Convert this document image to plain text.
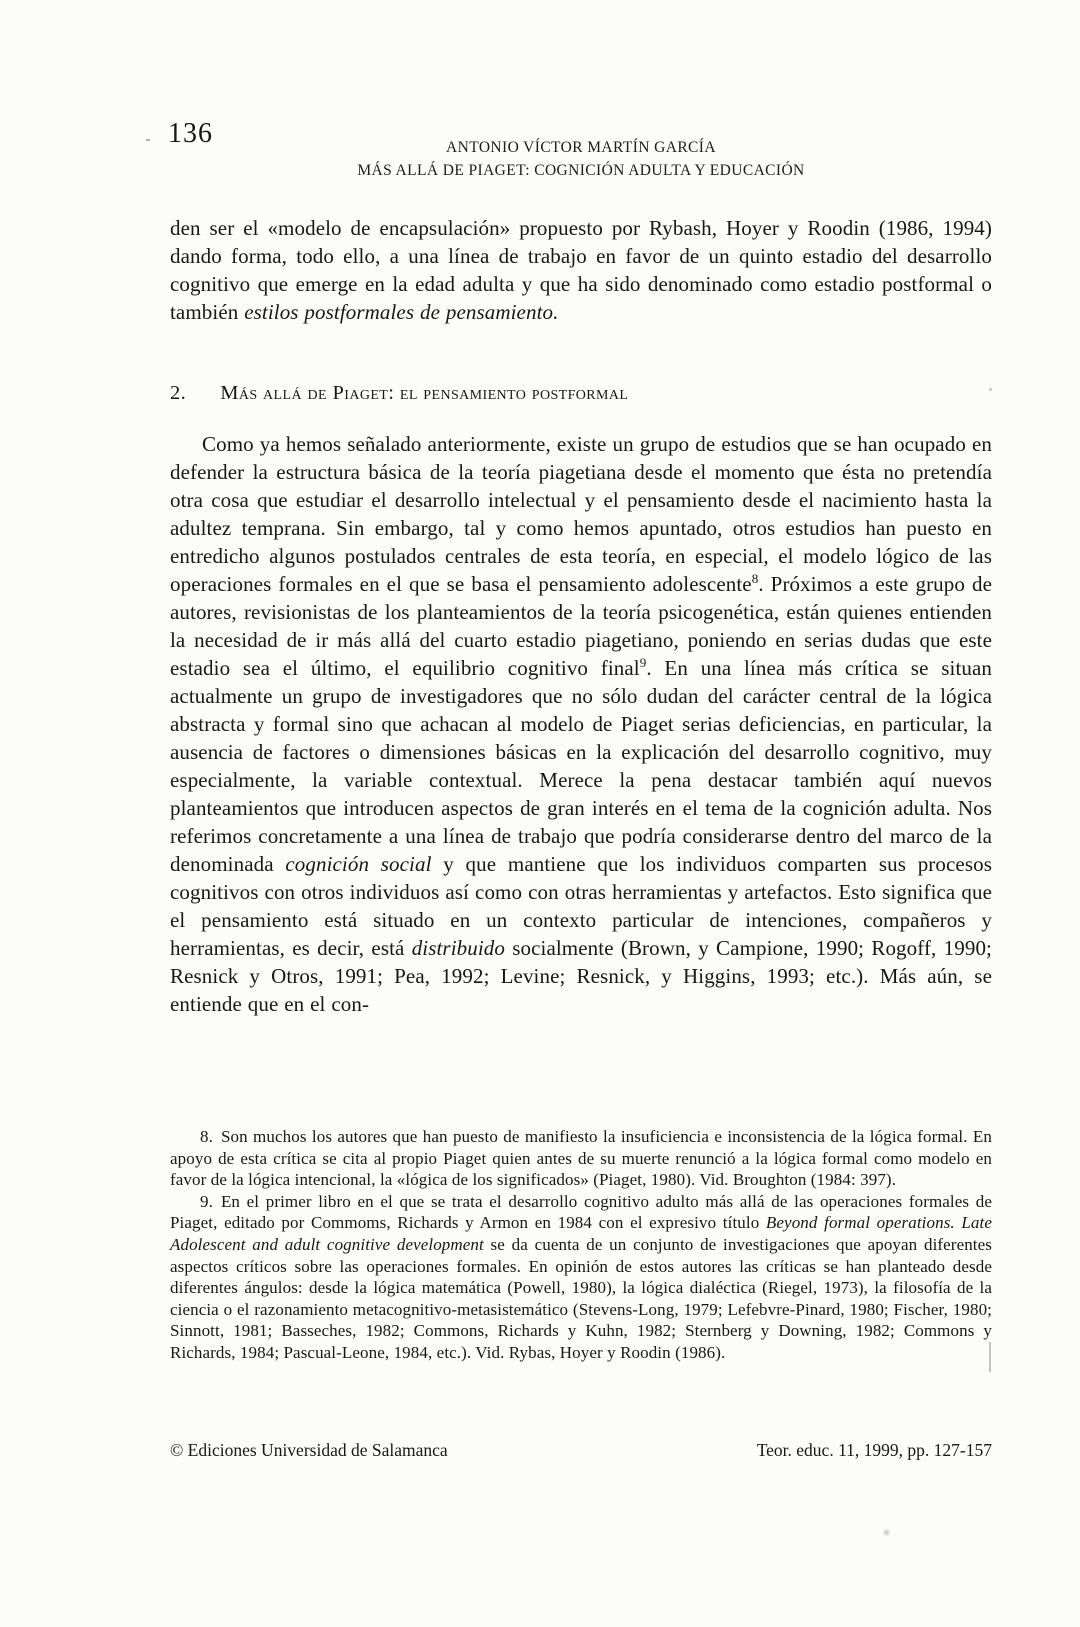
136	ANTONIO VÍCTOR MARTÍN GARCÍA
MÁS ALLÁ DE PIAGET: COGNICIÓN ADULTA Y EDUCACIÓN

den ser el «modelo de encapsulación» propuesto por Rybash, Hoyer y Roodin (1986, 1994) dando forma, todo ello, a una línea de trabajo en favor de un quinto estadio del desarrollo cognitivo que emerge en la edad adulta y que ha sido denominado como estadio postformal o también estilos postformales de pensamiento.

2. Más allá de Piaget: el pensamiento postformal

Como ya hemos señalado anteriormente, existe un grupo de estudios que se han ocupado en defender la estructura básica de la teoría piagetiana desde el momento que ésta no pretendía otra cosa que estudiar el desarrollo intelectual y el pensamiento desde el nacimiento hasta la adultez temprana. Sin embargo, tal y como hemos apuntado, otros estudios han puesto en entredicho algunos postulados centrales de esta teoría, en especial, el modelo lógico de las operaciones formales en el que se basa el pensamiento adolescente$^8$. Próximos a este grupo de autores, revisionistas de los planteamientos de la teoría psicogenética, están quienes entienden la necesidad de ir más allá del cuarto estadio piagetiano, poniendo en serias dudas que este estadio sea el último, el equilibrio cognitivo final$^9$. En una línea más crítica se situan actualmente un grupo de investigadores que no sólo dudan del carácter central de la lógica abstracta y formal sino que achacan al modelo de Piaget serias deficiencias, en particular, la ausencia de factores o dimensiones básicas en la explicación del desarrollo cognitivo, muy especialmente, la variable contextual. Merece la pena destacar también aquí nuevos planteamientos que introducen aspectos de gran interés en el tema de la cognición adulta. Nos referimos concretamente a una línea de trabajo que podría considerarse dentro del marco de la denominada cognición social y que mantiene que los individuos comparten sus procesos cognitivos con otros individuos así como con otras herramientas y artefactos. Esto significa que el pensamiento está situado en un contexto particular de intenciones, compañeros y herramientas, es decir, está distribuido socialmente (Brown, y Campione, 1990; Rogoff, 1990; Resnick y Otros, 1991; Pea, 1992; Levine; Resnick, y Higgins, 1993; etc.). Más aún, se entiende que en el con-

8. Son muchos los autores que han puesto de manifiesto la insuficiencia e inconsistencia de la lógica formal. En apoyo de esta crítica se cita al propio Piaget quien antes de su muerte renunció a la lógica formal como modelo en favor de la lógica intencional, la «lógica de los significados» (Piaget, 1980). Vid. Broughton (1984: 397).

9. En el primer libro en el que se trata el desarrollo cognitivo adulto más allá de las operaciones formales de Piaget, editado por Commoms, Richards y Armon en 1984 con el expresivo título Beyond formal operations. Late Adolescent and adult cognitive development se da cuenta de un conjunto de investigaciones que apoyan diferentes aspectos críticos sobre las operaciones formales. En opinión de estos autores las críticas se han planteado desde diferentes ángulos: desde la lógica matemática (Powell, 1980), la lógica dialéctica (Riegel, 1973), la filosofía de la ciencia o el razonamiento metacognitivo-metasistemático (Stevens-Long, 1979; Lefebvre-Pinard, 1980; Fischer, 1980; Sinnott, 1981; Basseches, 1982; Commons, Richards y Kuhn, 1982; Sternberg y Downing, 1982; Commons y Richards, 1984; Pascual-Leone, 1984, etc.). Vid. Rybas, Hoyer y Roodin (1986).

© Ediciones Universidad de Salamanca	Teor. educ. 11, 1999, pp. 127-157
